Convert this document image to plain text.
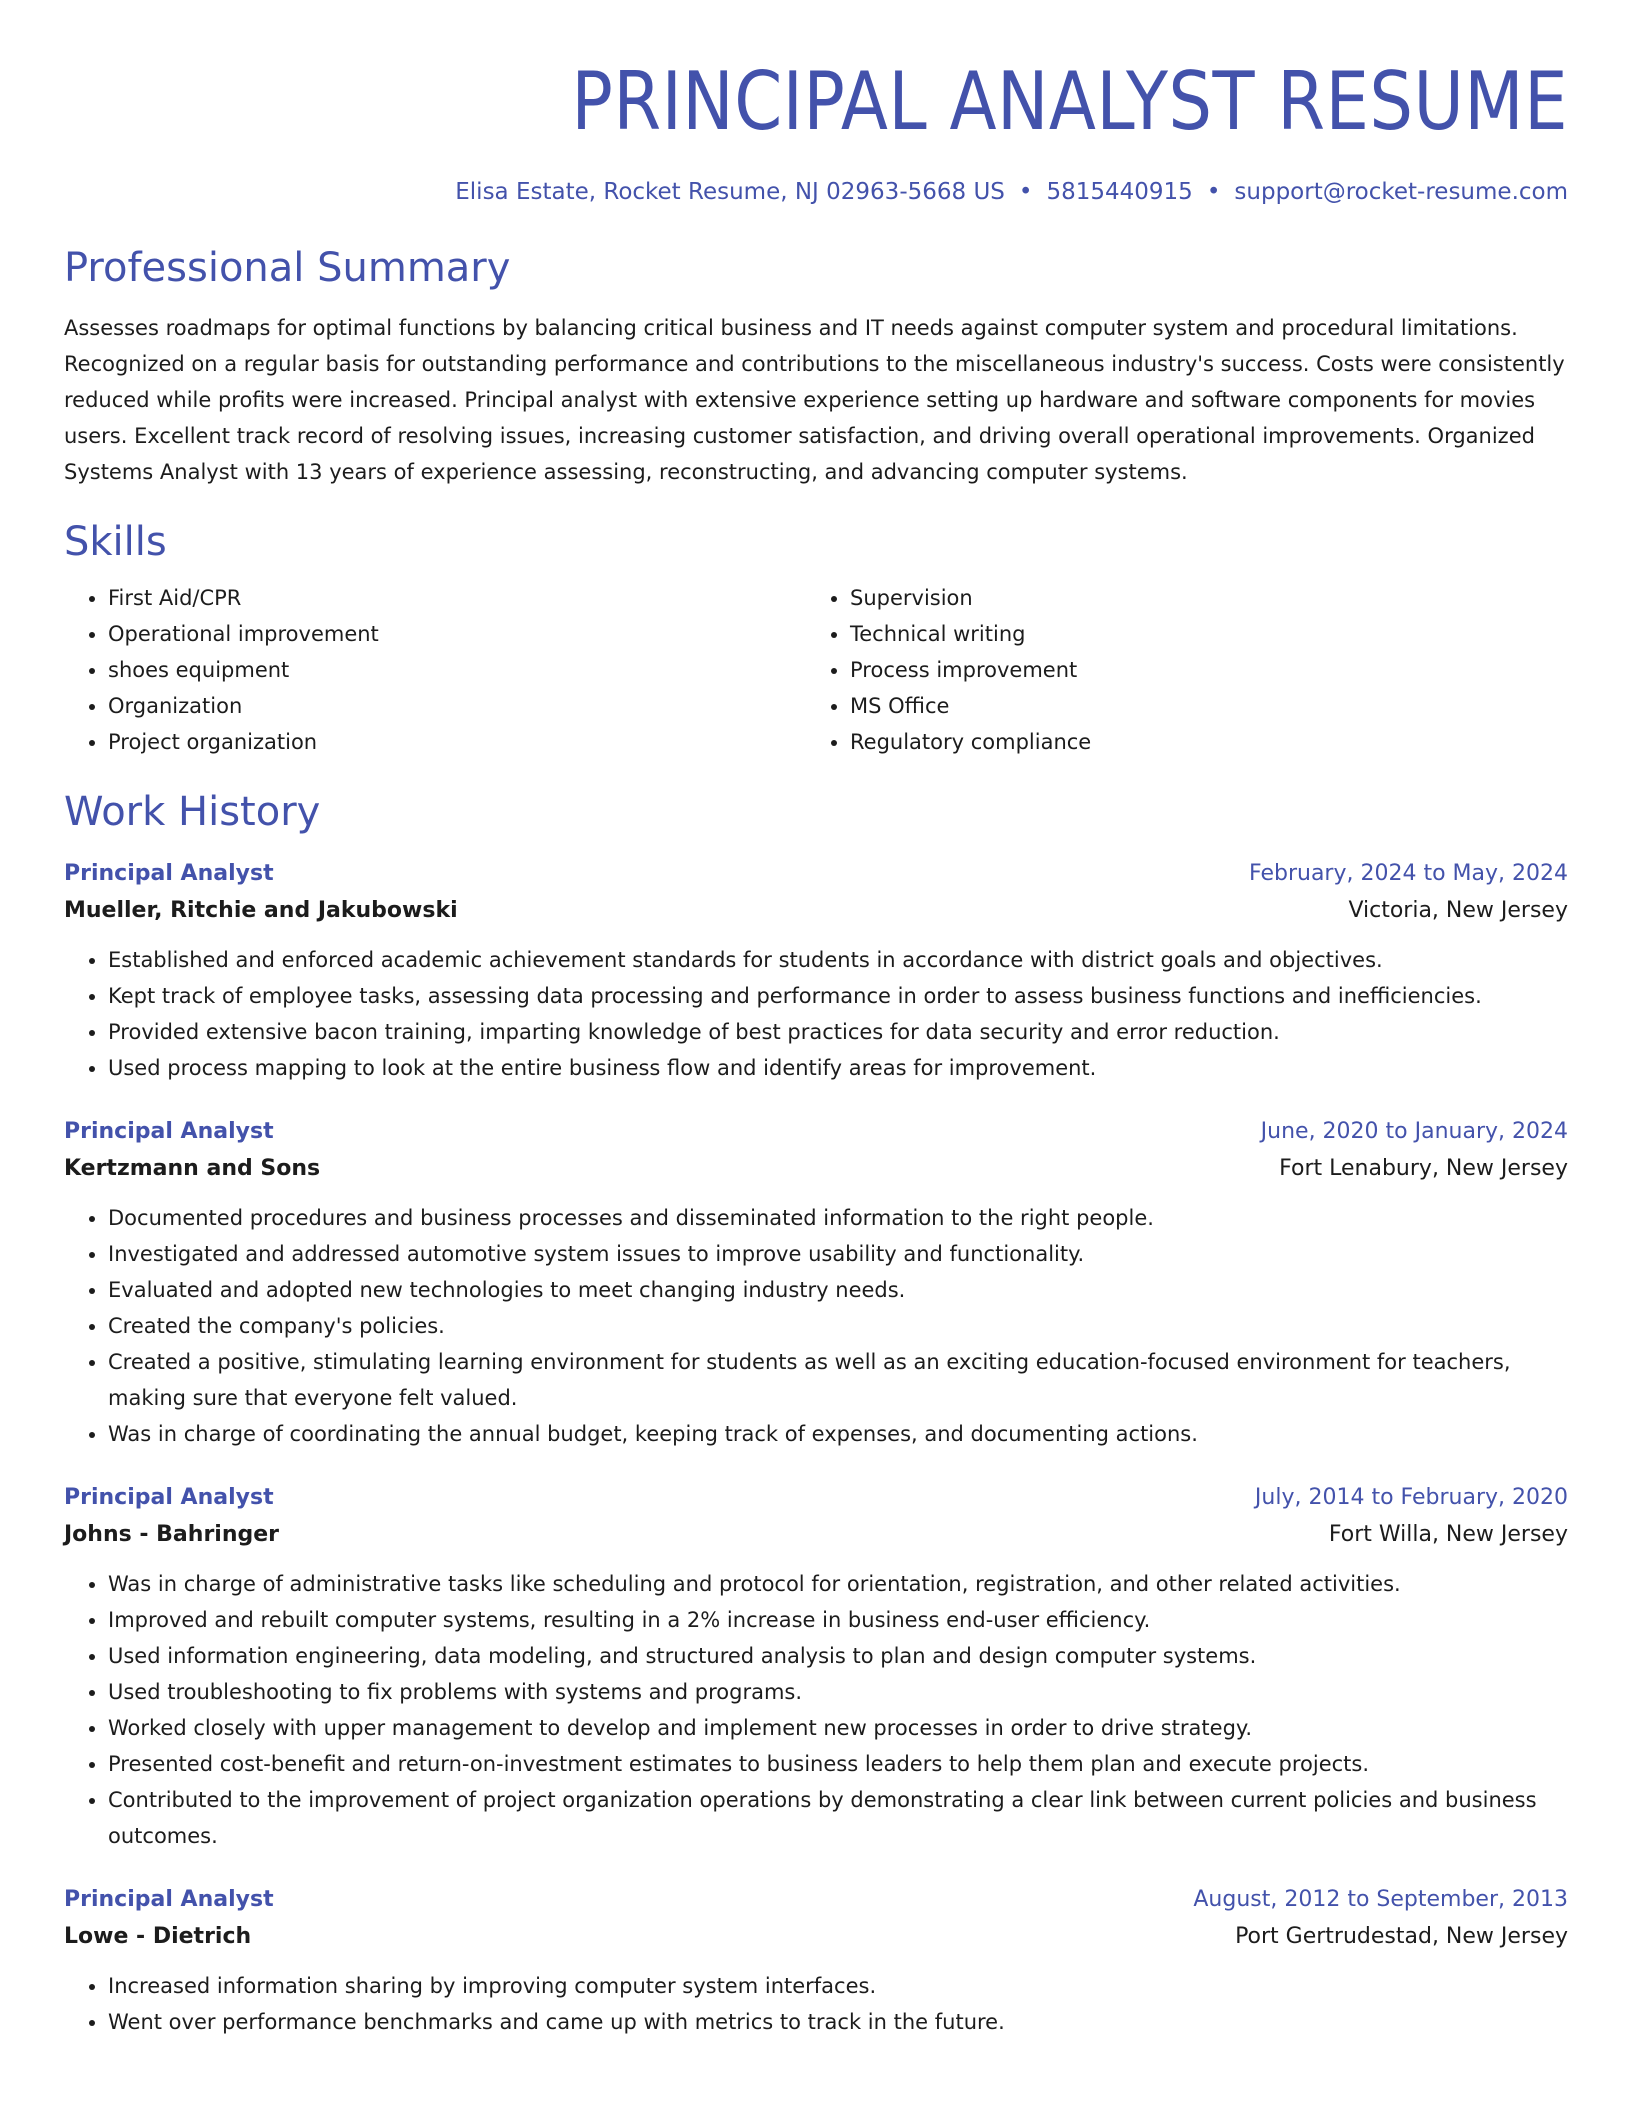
PRINCIPAL ANALYST RESUME
Elisa Estate, Rocket Resume, NJ 02963-5668 US • 5815440915 • support@rocket-resume.com
Professional Summary

Assesses roadmaps for optimal functions by balancing critical business and IT needs against computer system and procedural limitations. Recognized on a regular basis for outstanding performance and contributions to the miscellaneous industry's success. Costs were consistently reduced while profits were increased. Principal analyst with extensive experience setting up hardware and software components for movies users. Excellent track record of resolving issues, increasing customer satisfaction, and driving overall operational improvements. Organized Systems Analyst with 13 years of experience assessing, reconstructing, and advancing computer systems.

Skills
• First Aid/CPR
• Operational improvement
• shoes equipment
• Organization
• Project organization
• Supervision
• Technical writing
• Process improvement
• MS Office
• Regulatory compliance
Work History
Principal Analyst	February, 2024 to May, 2024
Mueller, Ritchie and Jakubowski	Victoria, New Jersey
• Established and enforced academic achievement standards for students in accordance with district goals and objectives.
• Kept track of employee tasks, assessing data processing and performance in order to assess business functions and inefficiencies.
• Provided extensive bacon training, imparting knowledge of best practices for data security and error reduction.
• Used process mapping to look at the entire business flow and identify areas for improvement.
Principal Analyst	June, 2020 to January, 2024
Kertzmann and Sons	Fort Lenabury, New Jersey
• Documented procedures and business processes and disseminated information to the right people.
• Investigated and addressed automotive system issues to improve usability and functionality.
• Evaluated and adopted new technologies to meet changing industry needs.
• Created the company's policies.
• Created a positive, stimulating learning environment for students as well as an exciting education-focused environment for teachers, making sure that everyone felt valued.
• Was in charge of coordinating the annual budget, keeping track of expenses, and documenting actions.
Principal Analyst	July, 2014 to February, 2020
Johns - Bahringer	Fort Willa, New Jersey
• Was in charge of administrative tasks like scheduling and protocol for orientation, registration, and other related activities.
• Improved and rebuilt computer systems, resulting in a 2% increase in business end-user efficiency.
• Used information engineering, data modeling, and structured analysis to plan and design computer systems.
• Used troubleshooting to fix problems with systems and programs.
• Worked closely with upper management to develop and implement new processes in order to drive strategy.
• Presented cost-benefit and return-on-investment estimates to business leaders to help them plan and execute projects.
• Contributed to the improvement of project organization operations by demonstrating a clear link between current policies and business outcomes.
Principal Analyst	August, 2012 to September, 2013
Lowe - Dietrich	Port Gertrudestad, New Jersey
• Increased information sharing by improving computer system interfaces.
• Went over performance benchmarks and came up with metrics to track in the future.
